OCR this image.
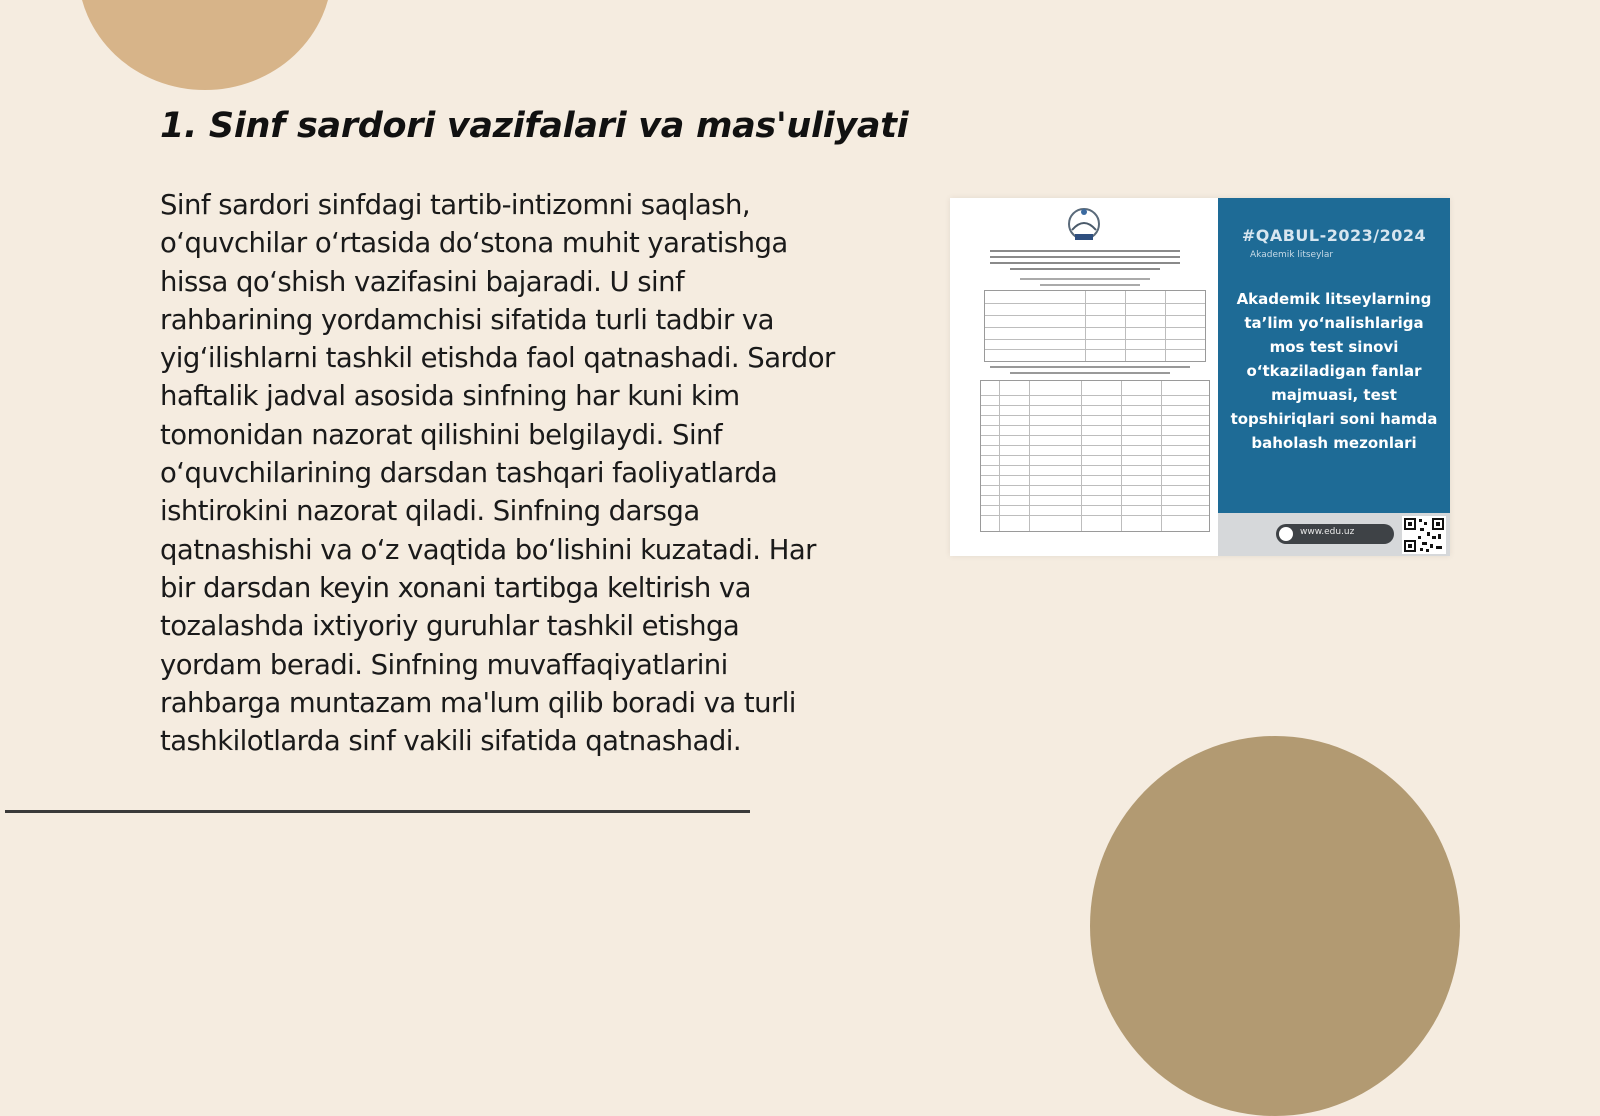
1. Sinf sardori vazifalari va mas'uliyati

Sinf sardori sinfdagi tartib-intizomni saqlash, o‘quvchilar o‘rtasida do‘stona muhit yaratishga hissa qo‘shish vazifasini bajaradi. U sinf rahbarining yordamchisi sifatida turli tadbir va yig‘ilishlarni tashkil etishda faol qatnashadi. Sardor haftalik jadval asosida sinfning har kuni kim tomonidan nazorat qilishini belgilaydi. Sinf o‘quvchilarining darsdan tashqari faoliyatlarda ishtirokini nazorat qiladi. Sinfning darsga qatnashishi va o‘z vaqtida bo‘lishini kuzatadi. Har bir darsdan keyin xonani tartibga keltirish va tozalashda ixtiyoriy guruhlar tashkil etishga yordam beradi. Sinfning muvaffaqiyatlarini rahbarga muntazam ma'lum qilib boradi va turli tashkilotlarda sinf vakili sifatida qatnashadi.

#QABUL-2023/2024
Akademik litseylar
Akademik litseylarning ta’lim yo‘nalishlariga mos test sinovi o‘tkaziladigan fanlar majmuasi, test topshiriqlari soni hamda baholash mezonlari
www.edu.uz
